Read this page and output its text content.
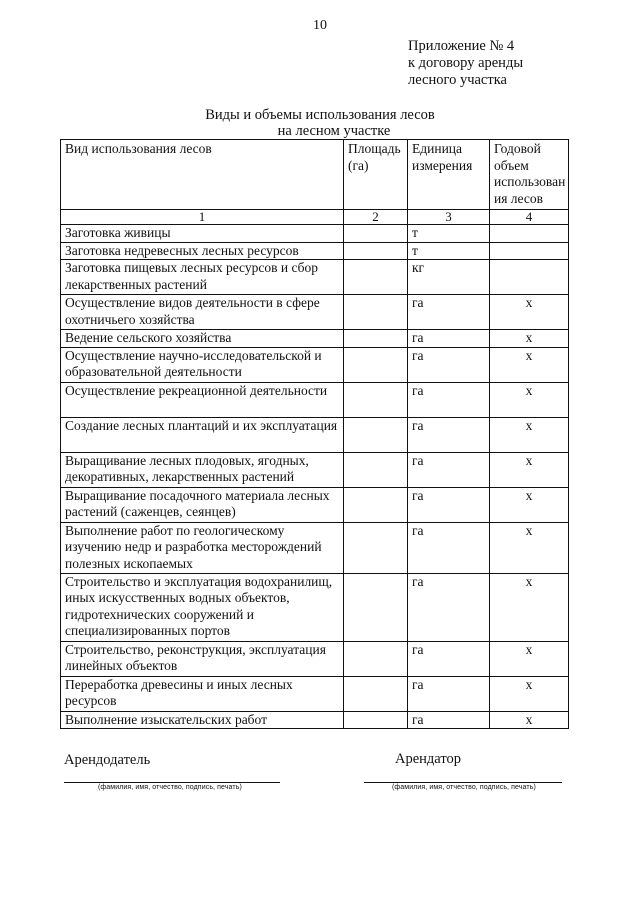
10
Приложение № 4
к договору аренды
лесного участка
Виды и объемы использования лесов
на лесном участке
Вид использования лесов	Площадь (га)	Единица измерения	Годовой объем использован ия лесов
1	2	3	4
Заготовка живицы		т	
Заготовка недревесных лесных ресурсов		т	
Заготовка пищевых лесных ресурсов и сбор лекарственных растений		кг	
Осуществление видов деятельности в сфере охотничьего хозяйства		га	х
Ведение сельского хозяйства		га	х
Осуществление научно-исследовательской и образовательной деятельности		га	х
Осуществление рекреационной деятельности		га	х
Создание лесных плантаций и их эксплуатация		га	х
Выращивание лесных плодовых, ягодных, декоративных, лекарственных растений		га	х
Выращивание посадочного материала лесных растений (саженцев, сеянцев)		га	х
Выполнение работ по геологическому изучению недр и разработка месторождений полезных ископаемых		га	х
Строительство и эксплуатация водохранилищ, иных искусственных водных объектов, гидротехнических сооружений и специализированных портов		га	х
Строительство, реконструкция, эксплуатация линейных объектов		га	х
Переработка древесины и иных лесных ресурсов		га	х
Выполнение изыскательских работ		га	х
Арендодатель
(фамилия, имя, отчество, подпись, печать)
Арендатор
(фамилия, имя, отчество, подпись, печать)
